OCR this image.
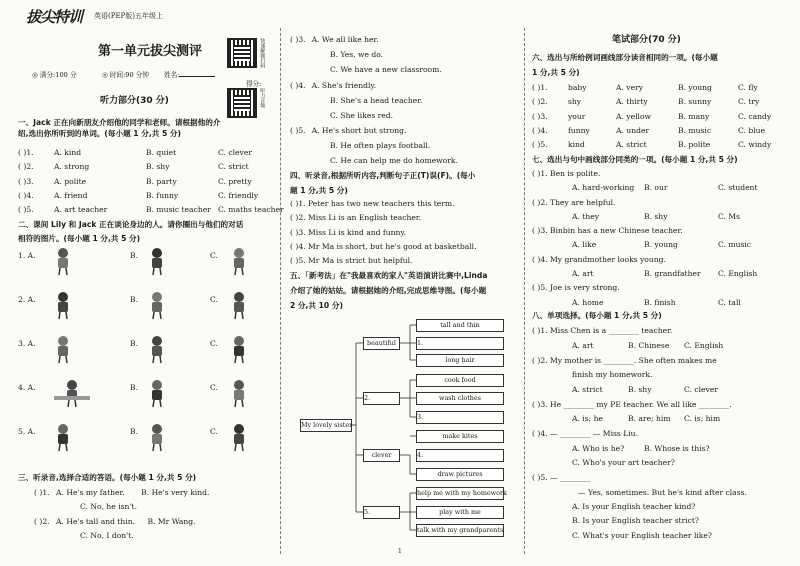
拔尖特训 英语(PEP版)五年级上
第一单元拔尖测评	快速解题扫码
听力音频
◎ 满分:100 分	◎ 时间:90 分钟 姓名:
得分:
听力部分(30 分)
一、Jack 正在向新朋友介绍他的同学和老师。请根据他的介
绍,选出你所听到的单词。(每小题 1 分,共 5 分)
( )1.	A. kind	B. quiet	C. clever
( )2.	A. strong	B. shy	C. strict
( )3.	A. polite	B. party	C. pretty
( )4.	A. friend	B. funny	C. friendly
( )5.	A. art teacher	B. music teacher C. maths teacher
二、课间 Lily 和 Jack 正在谈论身边的人。请你圈出与他们的对话
相符的图片。(每小题 1 分,共 5 分)
三、听录音,选择合适的答语。(每小题 1 分,共 5 分)
( )1. A. He's my father. B. He's very kind.
C. No, he isn't.
( )2. A. He's tall and thin. B. Mr Wang.
C. No, I don't.
1. A.	B.	C.
2. A.	B.	C.
3. A.	B.	C.
4. A.	B.	C.
5. A.	B.	C.
( )3. A. We all like her.
B. Yes, we do.
C. We have a new classroom.
( )4. A. She's friendly.
B. She's a head teacher.
C. She likes red.
( )5. A. He's short but strong.
B. He often plays football.
C. He can help me do homework.
四、听录音,根据所听内容,判断句子正(T)误(F)。(每小
题 1 分,共 5 分)
( )1. Peter has two new teachers this term.
( )2. Miss Li is an English teacher.
( )3. Miss Li is kind and funny.
( )4. Mr Ma is short, but he's good at basketball.
( )5. Mr Ma is strict but helpful.
五、「新考法」在"我最喜欢的家人"英语演讲比赛中,Linda
介绍了她的姑姑。请根据她的介绍,完成思维导图。(每小题
2 分,共 10 分)
My lovely sister
beautiful
2.
clever
5.
1
tall and thin
1.
long hair
cook food
wash clothes
3.
make kites
draw pictures
help me with my homework
play with me
talk with my grandparents
4.
笔试部分(70 分)
六、选出与所给例词画线部分读音相同的一项。(每小题
1 分,共 5 分)
( )1.	baby	A. very	B. young	C. fly
( )2.	shy	A. thirty	B. sunny	C. try
( )3.	your	A. yellow	B. many	C. candy
( )4.	funny	A. under	B. music	C. blue
( )5.	kind	A. strict	B. polite	C. windy
七、选出与句中画线部分同类的一项。(每小题 1 分,共 5 分)
( )1. Ben is polite.
A. hard-working B. our	C. student
( )2. They are helpful.
A. they	B. shy	C. Ms
( )3. Binbin has a new Chinese teacher.
A. like	B. young	C. music
( )4. My grandmother looks young.
A. art	B. grandfather C. English
( )5. Joe is very strong.
A. home	B. finish	C. tall
八、单项选择。(每小题 1 分,共 5 分)
( )1. Miss Chen is a ________ teacher.
A. art	B. Chinese C. English
( )2. My mother is ________. She often makes me
finish my homework.
A. strict	B. shy	C. clever
( )3. He ________ my PE teacher. We all like ________.
A. is; he	B. are; him C. is; him
( )4. — ________ — Miss Liu.
A. Who is he?	B. Whose is this?
C. Who's your art teacher?
( )5. — ________
— Yes, sometimes. But he's kind after class.
A. Is your English teacher kind?
B. Is your English teacher strict?
C. What's your English teacher like?
